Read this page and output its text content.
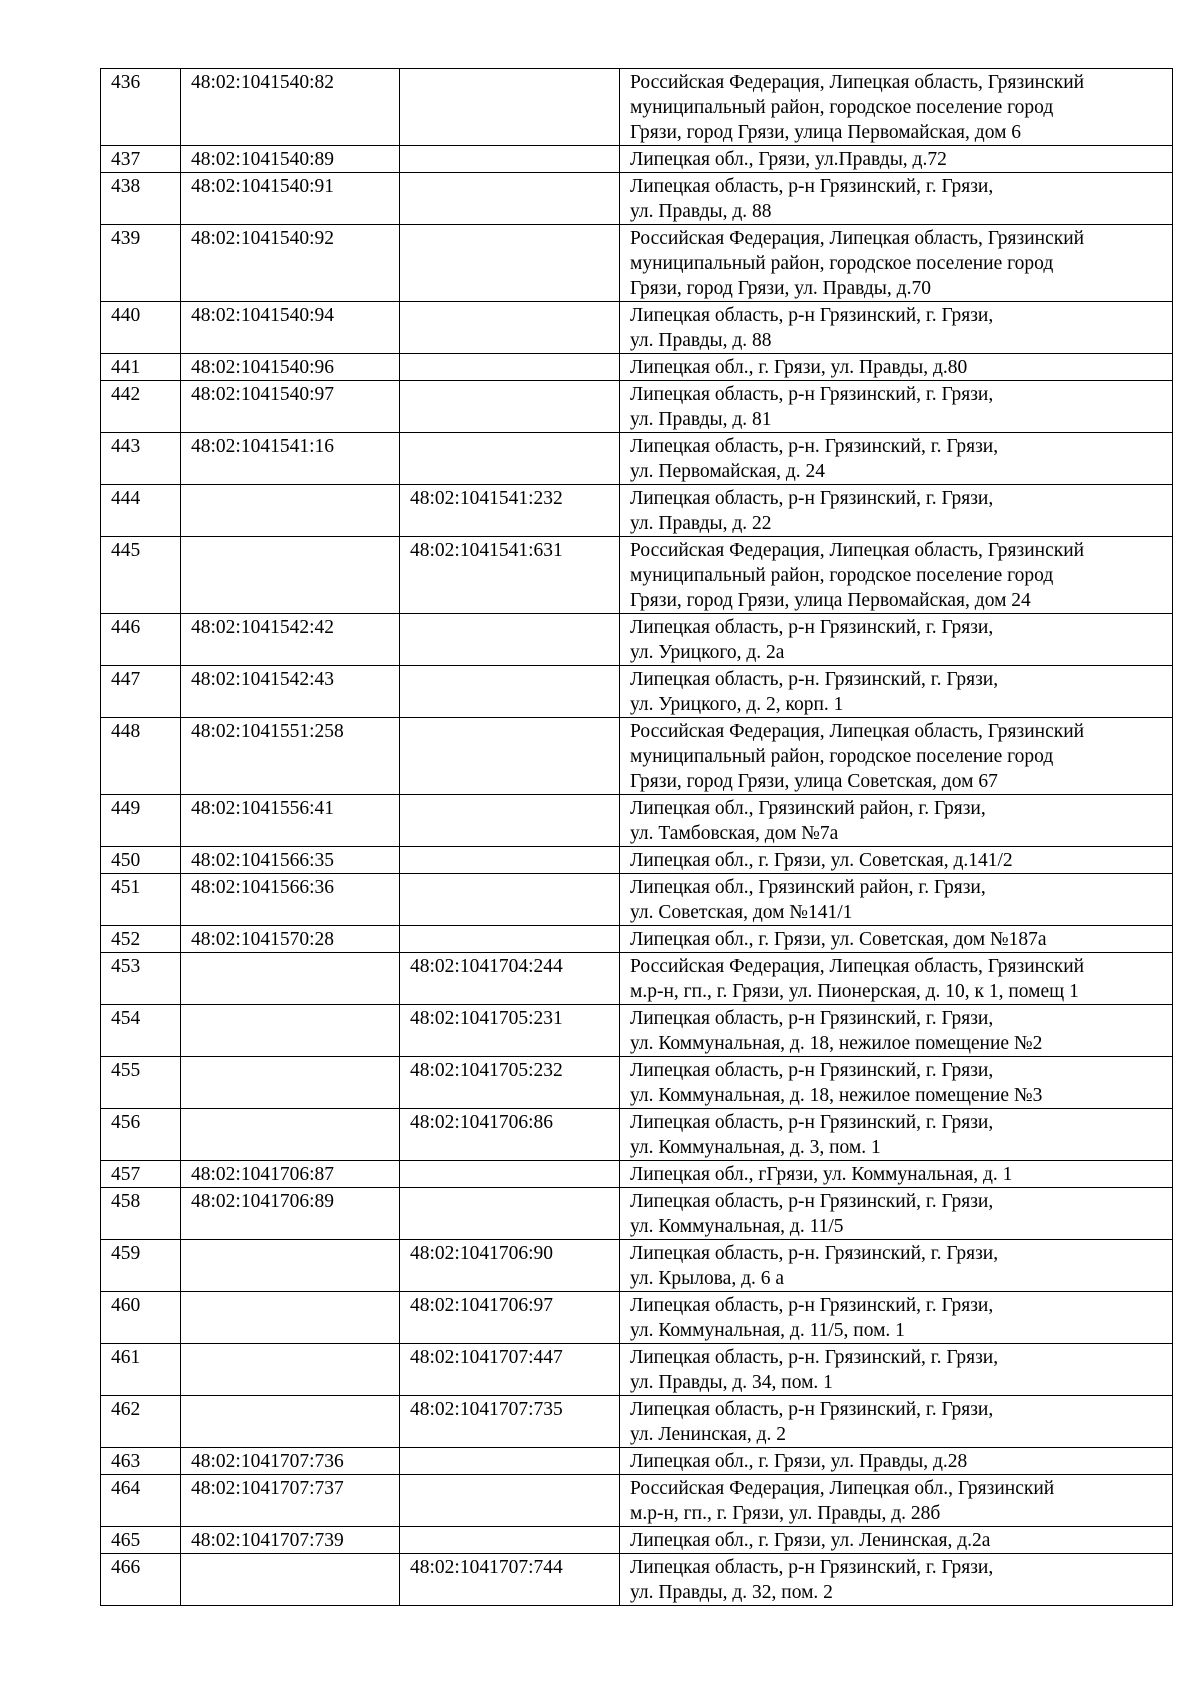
436	48:02:1041540:82		Российская Федерация, Липецкая область, Грязинский
муниципальный район, городское поселение город
Грязи, город Грязи, улица Первомайская, дом 6
437	48:02:1041540:89		Липецкая обл., Грязи, ул.Правды, д.72
438	48:02:1041540:91		Липецкая область, р-н Грязинский, г. Грязи,
ул. Правды, д. 88
439	48:02:1041540:92		Российская Федерация, Липецкая область, Грязинский
муниципальный район, городское поселение город
Грязи, город Грязи, ул. Правды, д.70
440	48:02:1041540:94		Липецкая область, р-н Грязинский, г. Грязи,
ул. Правды, д. 88
441	48:02:1041540:96		Липецкая обл., г. Грязи, ул. Правды, д.80
442	48:02:1041540:97		Липецкая область, р-н Грязинский, г. Грязи,
ул. Правды, д. 81
443	48:02:1041541:16		Липецкая область, р-н. Грязинский, г. Грязи,
ул. Первомайская, д. 24
444		48:02:1041541:232	Липецкая область, р-н Грязинский, г. Грязи,
ул. Правды, д. 22
445		48:02:1041541:631	Российская Федерация, Липецкая область, Грязинский
муниципальный район, городское поселение город
Грязи, город Грязи, улица Первомайская, дом 24
446	48:02:1041542:42		Липецкая область, р-н Грязинский, г. Грязи,
ул. Урицкого, д. 2а
447	48:02:1041542:43		Липецкая область, р-н. Грязинский, г. Грязи,
ул. Урицкого, д. 2, корп. 1
448	48:02:1041551:258		Российская Федерация, Липецкая область, Грязинский
муниципальный район, городское поселение город
Грязи, город Грязи, улица Советская, дом 67
449	48:02:1041556:41		Липецкая обл., Грязинский район, г. Грязи,
ул. Тамбовская, дом №7а
450	48:02:1041566:35		Липецкая обл., г. Грязи, ул. Советская, д.141/2
451	48:02:1041566:36		Липецкая обл., Грязинский район, г. Грязи,
ул. Советская, дом №141/1
452	48:02:1041570:28		Липецкая обл., г. Грязи, ул. Советская, дом №187а
453		48:02:1041704:244	Российская Федерация, Липецкая область, Грязинский
м.р-н, гп., г. Грязи, ул. Пионерская, д. 10, к 1, помещ 1
454		48:02:1041705:231	Липецкая область, р-н Грязинский, г. Грязи,
ул. Коммунальная, д. 18, нежилое помещение №2
455		48:02:1041705:232	Липецкая область, р-н Грязинский, г. Грязи,
ул. Коммунальная, д. 18, нежилое помещение №3
456		48:02:1041706:86	Липецкая область, р-н Грязинский, г. Грязи,
ул. Коммунальная, д. 3, пом. 1
457	48:02:1041706:87		Липецкая обл., гГрязи, ул. Коммунальная, д. 1
458	48:02:1041706:89		Липецкая область, р-н Грязинский, г. Грязи,
ул. Коммунальная, д. 11/5
459		48:02:1041706:90	Липецкая область, р-н. Грязинский, г. Грязи,
ул. Крылова, д. 6 а
460		48:02:1041706:97	Липецкая область, р-н Грязинский, г. Грязи,
ул. Коммунальная, д. 11/5, пом. 1
461		48:02:1041707:447	Липецкая область, р-н. Грязинский, г. Грязи,
ул. Правды, д. 34, пом. 1
462		48:02:1041707:735	Липецкая область, р-н Грязинский, г. Грязи,
ул. Ленинская, д. 2
463	48:02:1041707:736		Липецкая обл., г. Грязи, ул. Правды, д.28
464	48:02:1041707:737		Российская Федерация, Липецкая обл., Грязинский
м.р-н, гп., г. Грязи, ул. Правды, д. 28б
465	48:02:1041707:739		Липецкая обл., г. Грязи, ул. Ленинская, д.2а
466		48:02:1041707:744	Липецкая область, р-н Грязинский, г. Грязи,
ул. Правды, д. 32, пом. 2
